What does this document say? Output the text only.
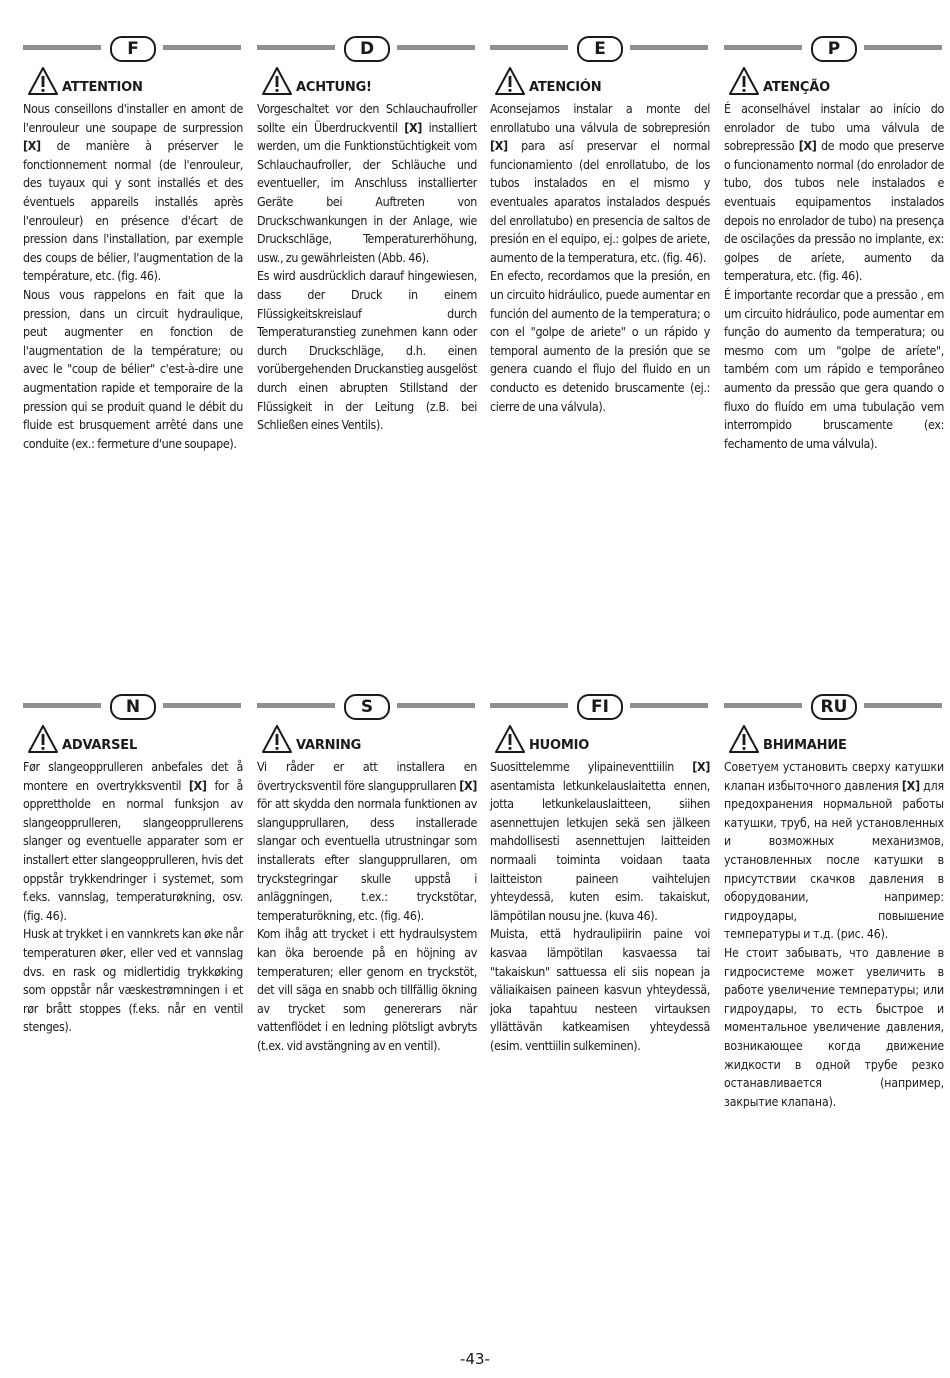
F
ATTENTION

Nous conseillons d'installer en amont de l'enrouleur une soupape de surpression [X] de manière à préserver le fonctionnement normal (de l'enrouleur, des tuyaux qui y sont installés et des éventuels appareils installés après l'enrouleur) en présence d'écart de pression dans l'installation, par exemple des coups de bélier, l'augmentation de la température, etc. (fig. 46).

Nous vous rappelons en fait que la pression, dans un circuit hydraulique, peut augmenter en fonction de l'augmentation de la température; ou avec le "coup de bélier" c'est-à-dire une augmentation rapide et temporaire de la pression qui se produit quand le débit du fluide est brusquement arrêté dans une conduite (ex.: fermeture d'une soupape).

D
ACHTUNG!

Vorgeschaltet vor den Schlauchaufroller sollte ein Überdruckventil [X] installiert werden, um die Funktionstüchtigkeit vom Schlauchaufroller, der Schläuche und eventueller, im Anschluss installierter Geräte bei Auftreten von Druckschwankungen in der Anlage, wie Druckschläge, Temperaturerhöhung, usw., zu gewährleisten (Abb. 46).

Es wird ausdrücklich darauf hingewiesen, dass der Druck in einem Flüssigkeitskreislauf durch Temperaturanstieg zunehmen kann oder durch Druckschläge, d.h. einen vorübergehenden Druckanstieg ausgelöst durch einen abrupten Stillstand der Flüssigkeit in der Leitung (z.B. bei Schließen eines Ventils).

E
ATENCIÓN

Aconsejamos instalar a monte del enrollatubo una válvula de sobrepresión [X] para así preservar el normal funcionamiento (del enrollatubo, de los tubos instalados en el mismo y eventuales aparatos instalados después del enrollatubo) en presencia de saltos de presión en el equipo, ej.: golpes de ariete, aumento de la temperatura, etc. (fig. 46).

En efecto, recordamos que la presión, en un circuito hidráulico, puede aumentar en función del aumento de la temperatura; o con el "golpe de ariete" o un rápido y temporal aumento de la presión que se genera cuando el flujo del fluido en un conducto es detenido bruscamente (ej.: cierre de una válvula).

P
ATENÇÃO

É aconselhável instalar ao início do enrolador de tubo uma válvula de sobrepressão [X] de modo que preserve o funcionamento normal (do enrolador de tubo, dos tubos nele instalados e eventuais equipamentos instalados depois no enrolador de tubo) na presença de oscilações da pressão no implante, ex: golpes de aríete, aumento da temperatura, etc. (fig. 46).

É importante recordar que a pressão , em um circuito hidráulico, pode aumentar em função do aumento da temperatura; ou mesmo com um "golpe de aríete", também com um rápido e temporâneo aumento da pressão que gera quando o fluxo do fluído em uma tubulação vem interrompido bruscamente (ex: fechamento de uma válvula).

N
ADVARSEL

Før slangeopprulleren anbefales det å montere en overtrykksventil [X] for å opprettholde en normal funksjon av slangeopprulleren, slangeopprullerens slanger og eventuelle apparater som er installert etter slangeopprulleren, hvis det oppstår trykkendringer i systemet, som f.eks. vannslag, temperaturøkning, osv. (fig. 46).

Husk at trykket i en vannkrets kan øke når temperaturen øker, eller ved et vannslag dvs. en rask og midlertidig trykkøking som oppstår når væskestrømningen i et rør brått stoppes (f.eks. når en ventil stenges).

S
VARNING

Vi råder er att installera en övertrycksventil före slangupprullaren [X] för att skydda den normala funktionen av slangupprullaren, dess installerade slangar och eventuella utrustningar som installerats efter slangupprullaren, om tryckstegringar skulle uppstå i anläggningen, t.ex.: tryckstötar, temperaturökning, etc. (fig. 46).

Kom ihåg att trycket i ett hydraulsystem kan öka beroende på en höjning av temperaturen; eller genom en tryckstöt, det vill säga en snabb och tillfällig ökning av trycket som genererars när vattenflödet i en ledning plötsligt avbryts (t.ex. vid avstängning av en ventil).

FI
HUOMIO

Suosittelemme ylipaineventtiilin [X] asentamista letkunkelauslaitetta ennen, jotta letkunkelauslaitteen, siihen asennettujen letkujen sekä sen jälkeen mahdollisesti asennettujen laitteiden normaali toiminta voidaan taata laitteiston paineen vaihtelujen yhteydessä, kuten esim. takaiskut, lämpötilan nousu jne. (kuva 46).

Muista, että hydraulipiirin paine voi kasvaa lämpötilan kasvaessa tai "takaiskun" sattuessa eli siis nopean ja väliaikaisen paineen kasvun yhteydessä, joka tapahtuu nesteen virtauksen yllättävän katkeamisen yhteydessä (esim. venttiilin sulkeminen).

RU
ВНИМАНИЕ

Советуем установить сверху катушки клапан избыточного давления [X] для предохранения нормальной работы катушки, труб, на ней установленных и возможных механизмов, установленных после катушки в присутствии скачков давления в оборудовании, например: гидроудары, повышение температуры и т.д. (рис. 46).

Не стоит забывать, что давление в гидросистеме может увеличить в работе увеличение температуры; или гидроудары, то есть быстрое и моментальное увеличение давления, возникающее когда движение жидкости в одной трубе резко останавливается (например, закрытие клапана).

-43-
